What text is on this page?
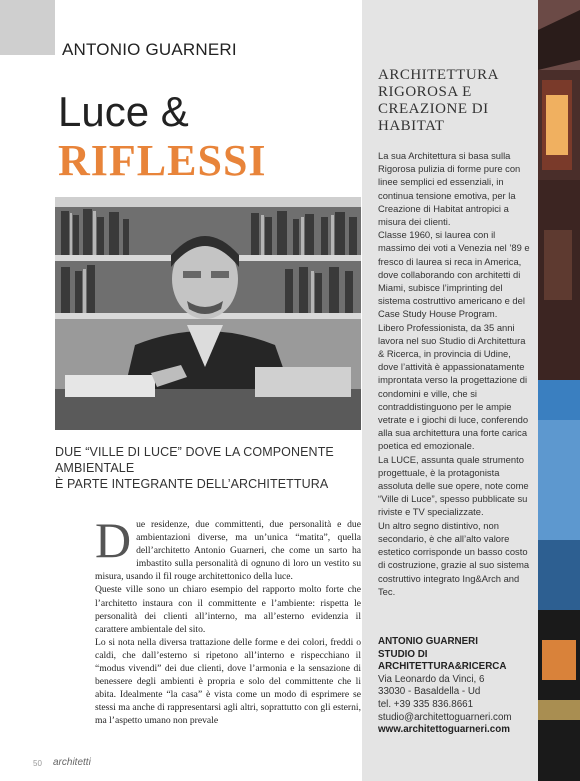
ANTONIO GUARNERI
Luce &
RIFLESSI
DUE “VILLE DI LUCE” DOVE LA COMPONENTE AMBIENTALE
È PARTE INTEGRANTE DELL’ARCHITETTURA
D ue residenze, due committenti, due personalità e due ambientazioni diverse, ma un’unica “matita”, quella dell’architetto Antonio Guarneri, che come un sarto ha imbastito sulla personalità di ognuno di loro un vestito su misura, usando il fil rouge architettonico della luce.

Queste ville sono un chiaro esempio del rapporto molto forte che l’architetto instaura con il committente e l’ambiente: rispetta le personalità dei clienti all’interno, ma all’esterno evidenzia il carattere ambientale del sito.

Lo si nota nella diversa trattazione delle forme e dei colori, freddi o caldi, che dall’esterno si ripetono all’interno e rispecchiano il “modus vivendi” dei due clienti, dove l’armonia e la sensazione di benessere degli ambienti è propria e solo del committente che li abita. Idealmente “la casa” è vista come un modo di esprimere se stessi ma anche di rappresentarsi agli altri, soprattutto con gli esterni, ma l’aspetto umano non prevale

50 architetti
ARCHITETTURA
RIGOROSA E
CREAZIONE DI
HABITAT

La sua Architettura si basa sulla Rigorosa pulizia di forme pure con linee semplici ed essenziali, in continua tensione emotiva, per la Creazione di Habitat antropici a misura dei clienti.

Classe 1960, si laurea con il massimo dei voti a Venezia nel ’89 e fresco di laurea si reca in America, dove collaborando con architetti di Miami, subisce l’imprinting del sistema costruttivo americano e del Case Study House Program.

Libero Professionista, da 35 anni lavora nel suo Studio di Architettura & Ricerca, in provincia di Udine, dove l’attività è appassionatamente improntata verso la progettazione di condomini e ville, che si contraddistinguono per le ampie vetrate e i giochi di luce, conferendo alla sua architettura una forte carica poetica ed emozionale.

La LUCE, assunta quale strumento progettuale, è la protagonista assoluta delle sue opere, note come “Ville di Luce”, spesso pubblicate su riviste e TV specializzate.

Un altro segno distintivo, non secondario, è che all’alto valore estetico corrisponde un basso costo di costruzione, grazie al suo sistema costruttivo integrato Ing&Arch and Tec.

ANTONIO GUARNERI
STUDIO DI
ARCHITETTURA&RICERCA
Via Leonardo da Vinci, 6
33030 - Basaldella - Ud
tel. +39 335 836.8661
studio@architettoguarneri.com
www.architettoguarneri.com
